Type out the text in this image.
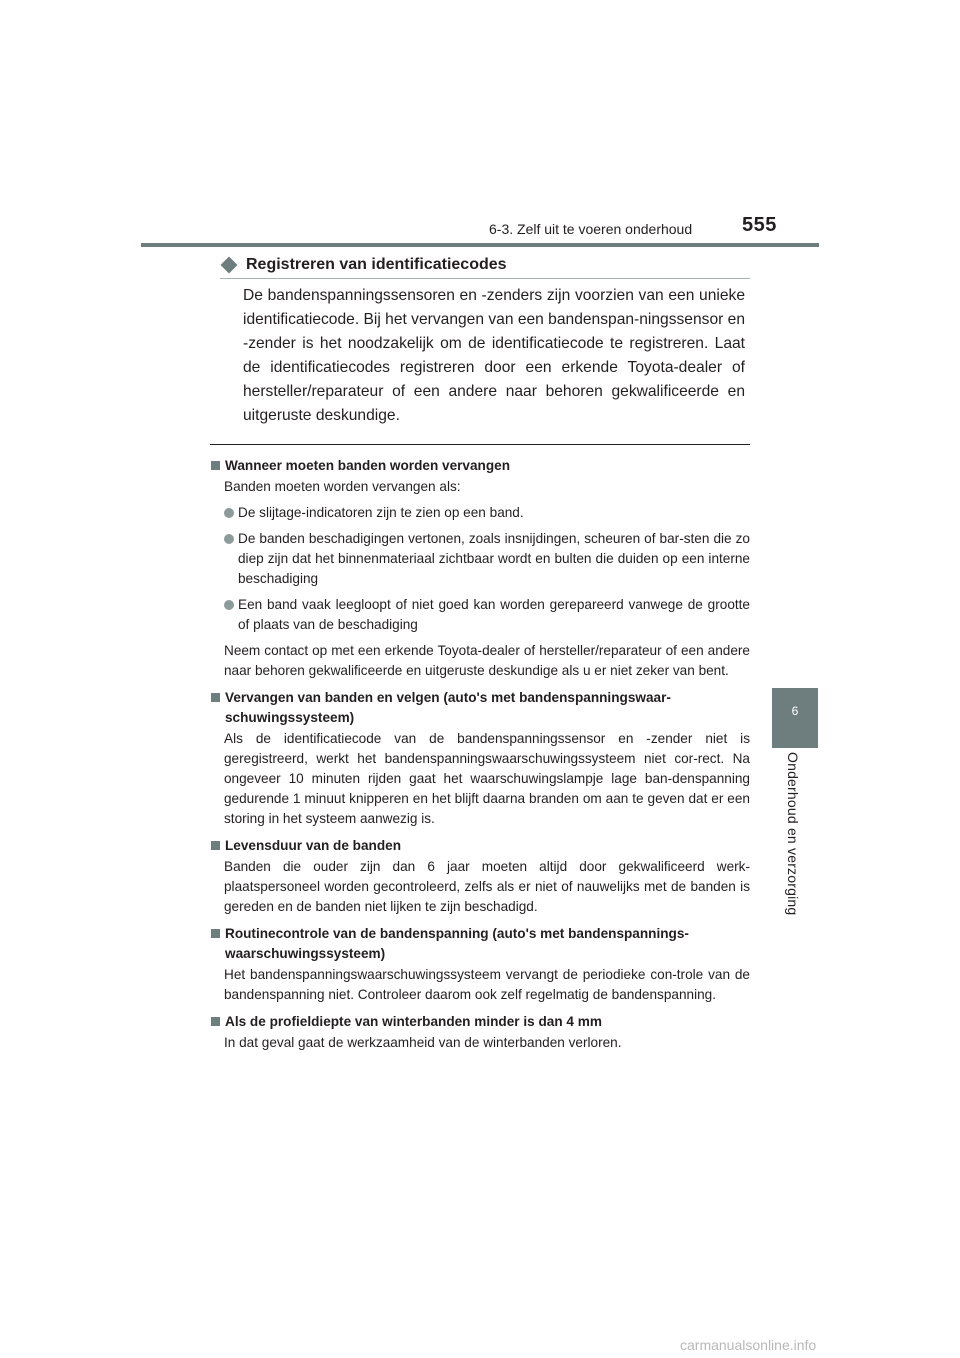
6-3. Zelf uit te voeren onderhoud 555
6
Onderhoud en verzorging
Registreren van identificatiecodes

De bandenspanningssensoren en -zenders zijn voorzien van een unieke identificatiecode. Bij het vervangen van een bandenspan-ningssensor en -zender is het noodzakelijk om de identificatiecode te registreren. Laat de identificatiecodes registreren door een erkende Toyota-dealer of hersteller/reparateur of een andere naar behoren gekwalificeerde en uitgeruste deskundige.

Wanneer moeten banden worden vervangen
Banden moeten worden vervangen als:
De slijtage-indicatoren zijn te zien op een band.
De banden beschadigingen vertonen, zoals insnijdingen, scheuren of bar-sten die zo diep zijn dat het binnenmateriaal zichtbaar wordt en bulten die duiden op een interne beschadiging
Een band vaak leegloopt of niet goed kan worden gerepareerd vanwege de grootte of plaats van de beschadiging
Neem contact op met een erkende Toyota-dealer of hersteller/reparateur of een andere naar behoren gekwalificeerde en uitgeruste deskundige als u er niet zeker van bent.
Vervangen van banden en velgen (auto's met bandenspanningswaar-schuwingssysteem)
Als de identificatiecode van de bandenspanningssensor en -zender niet is geregistreerd, werkt het bandenspanningswaarschuwingssysteem niet cor-rect. Na ongeveer 10 minuten rijden gaat het waarschuwingslampje lage ban-denspanning gedurende 1 minuut knipperen en het blijft daarna branden om aan te geven dat er een storing in het systeem aanwezig is.
Levensduur van de banden
Banden die ouder zijn dan 6 jaar moeten altijd door gekwalificeerd werk-plaatspersoneel worden gecontroleerd, zelfs als er niet of nauwelijks met de banden is gereden en de banden niet lijken te zijn beschadigd.
Routinecontrole van de bandenspanning (auto's met bandenspannings-waarschuwingssysteem)
Het bandenspanningswaarschuwingssysteem vervangt de periodieke con-trole van de bandenspanning niet. Controleer daarom ook zelf regelmatig de bandenspanning.
Als de profieldiepte van winterbanden minder is dan 4 mm
In dat geval gaat de werkzaamheid van de winterbanden verloren.
carmanualsonline.info
